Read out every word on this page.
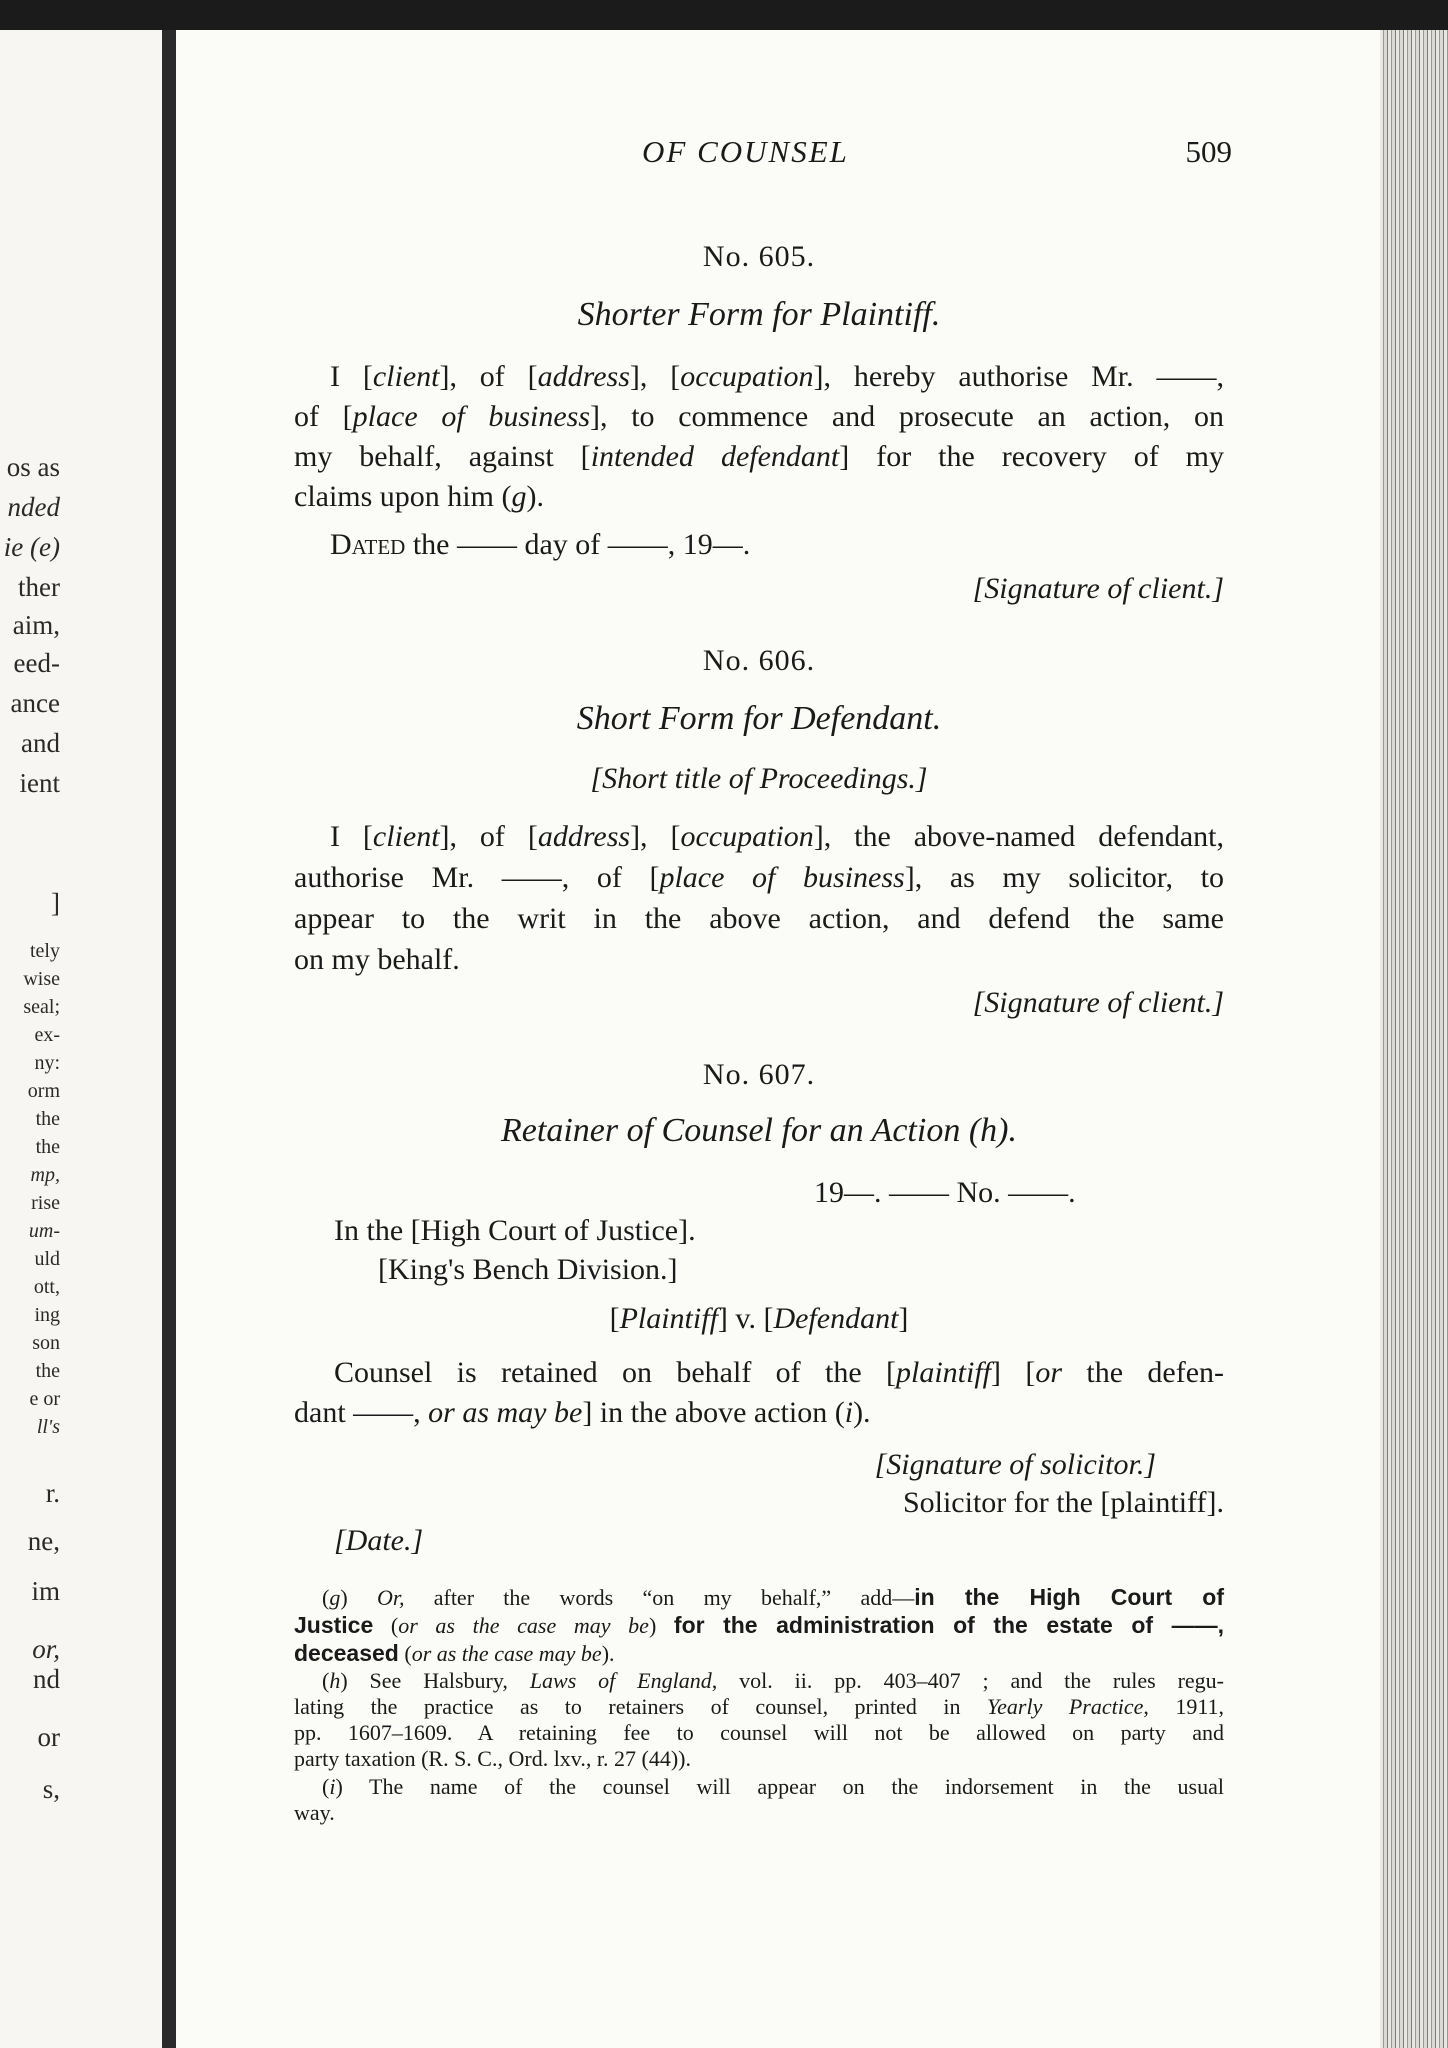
os as
nded
ie (e)
ther
aim,
eed-
ance
and
ient
]
tely
wise
seal;
ex-
ny:
orm
the
the
mp,
rise
um-
uld
ott,
ing
son
the
e or
ll's
r.
ne,
im
or,
nd
or
s,
OF COUNSEL	509
No. 605.
Shorter Form for Plaintiff.
I [client], of [address], [occupation], hereby authorise Mr. ——,
of [place of business], to commence and prosecute an action, on
my behalf, against [intended defendant] for the recovery of my
claims upon him (g).
Dated the —— day of ——, 19—.
[Signature of client.]
No. 606.
Short Form for Defendant.
[Short title of Proceedings.]
I [client], of [address], [occupation], the above-named defendant,
authorise Mr. ——, of [place of business], as my solicitor, to
appear to the writ in the above action, and defend the same
on my behalf.
[Signature of client.]
No. 607.
Retainer of Counsel for an Action (h).
19—. —— No. ——.
In the [High Court of Justice].
[King's Bench Division.]
[Plaintiff] v. [Defendant]
Counsel is retained on behalf of the [plaintiff] [or the defen-
dant ——, or as may be] in the above action (i).
[Signature of solicitor.]
Solicitor for the [plaintiff].
[Date.]
(g) Or, after the words “on my behalf,” add—in the High Court of
Justice (or as the case may be) for the administration of the estate of ——,
deceased (or as the case may be).
(h) See Halsbury, Laws of England, vol. ii. pp. 403–407 ; and the rules regu-
lating the practice as to retainers of counsel, printed in Yearly Practice, 1911,
pp. 1607–1609. A retaining fee to counsel will not be allowed on party and
party taxation (R. S. C., Ord. lxv., r. 27 (44)).
(i) The name of the counsel will appear on the indorsement in the usual
way.
